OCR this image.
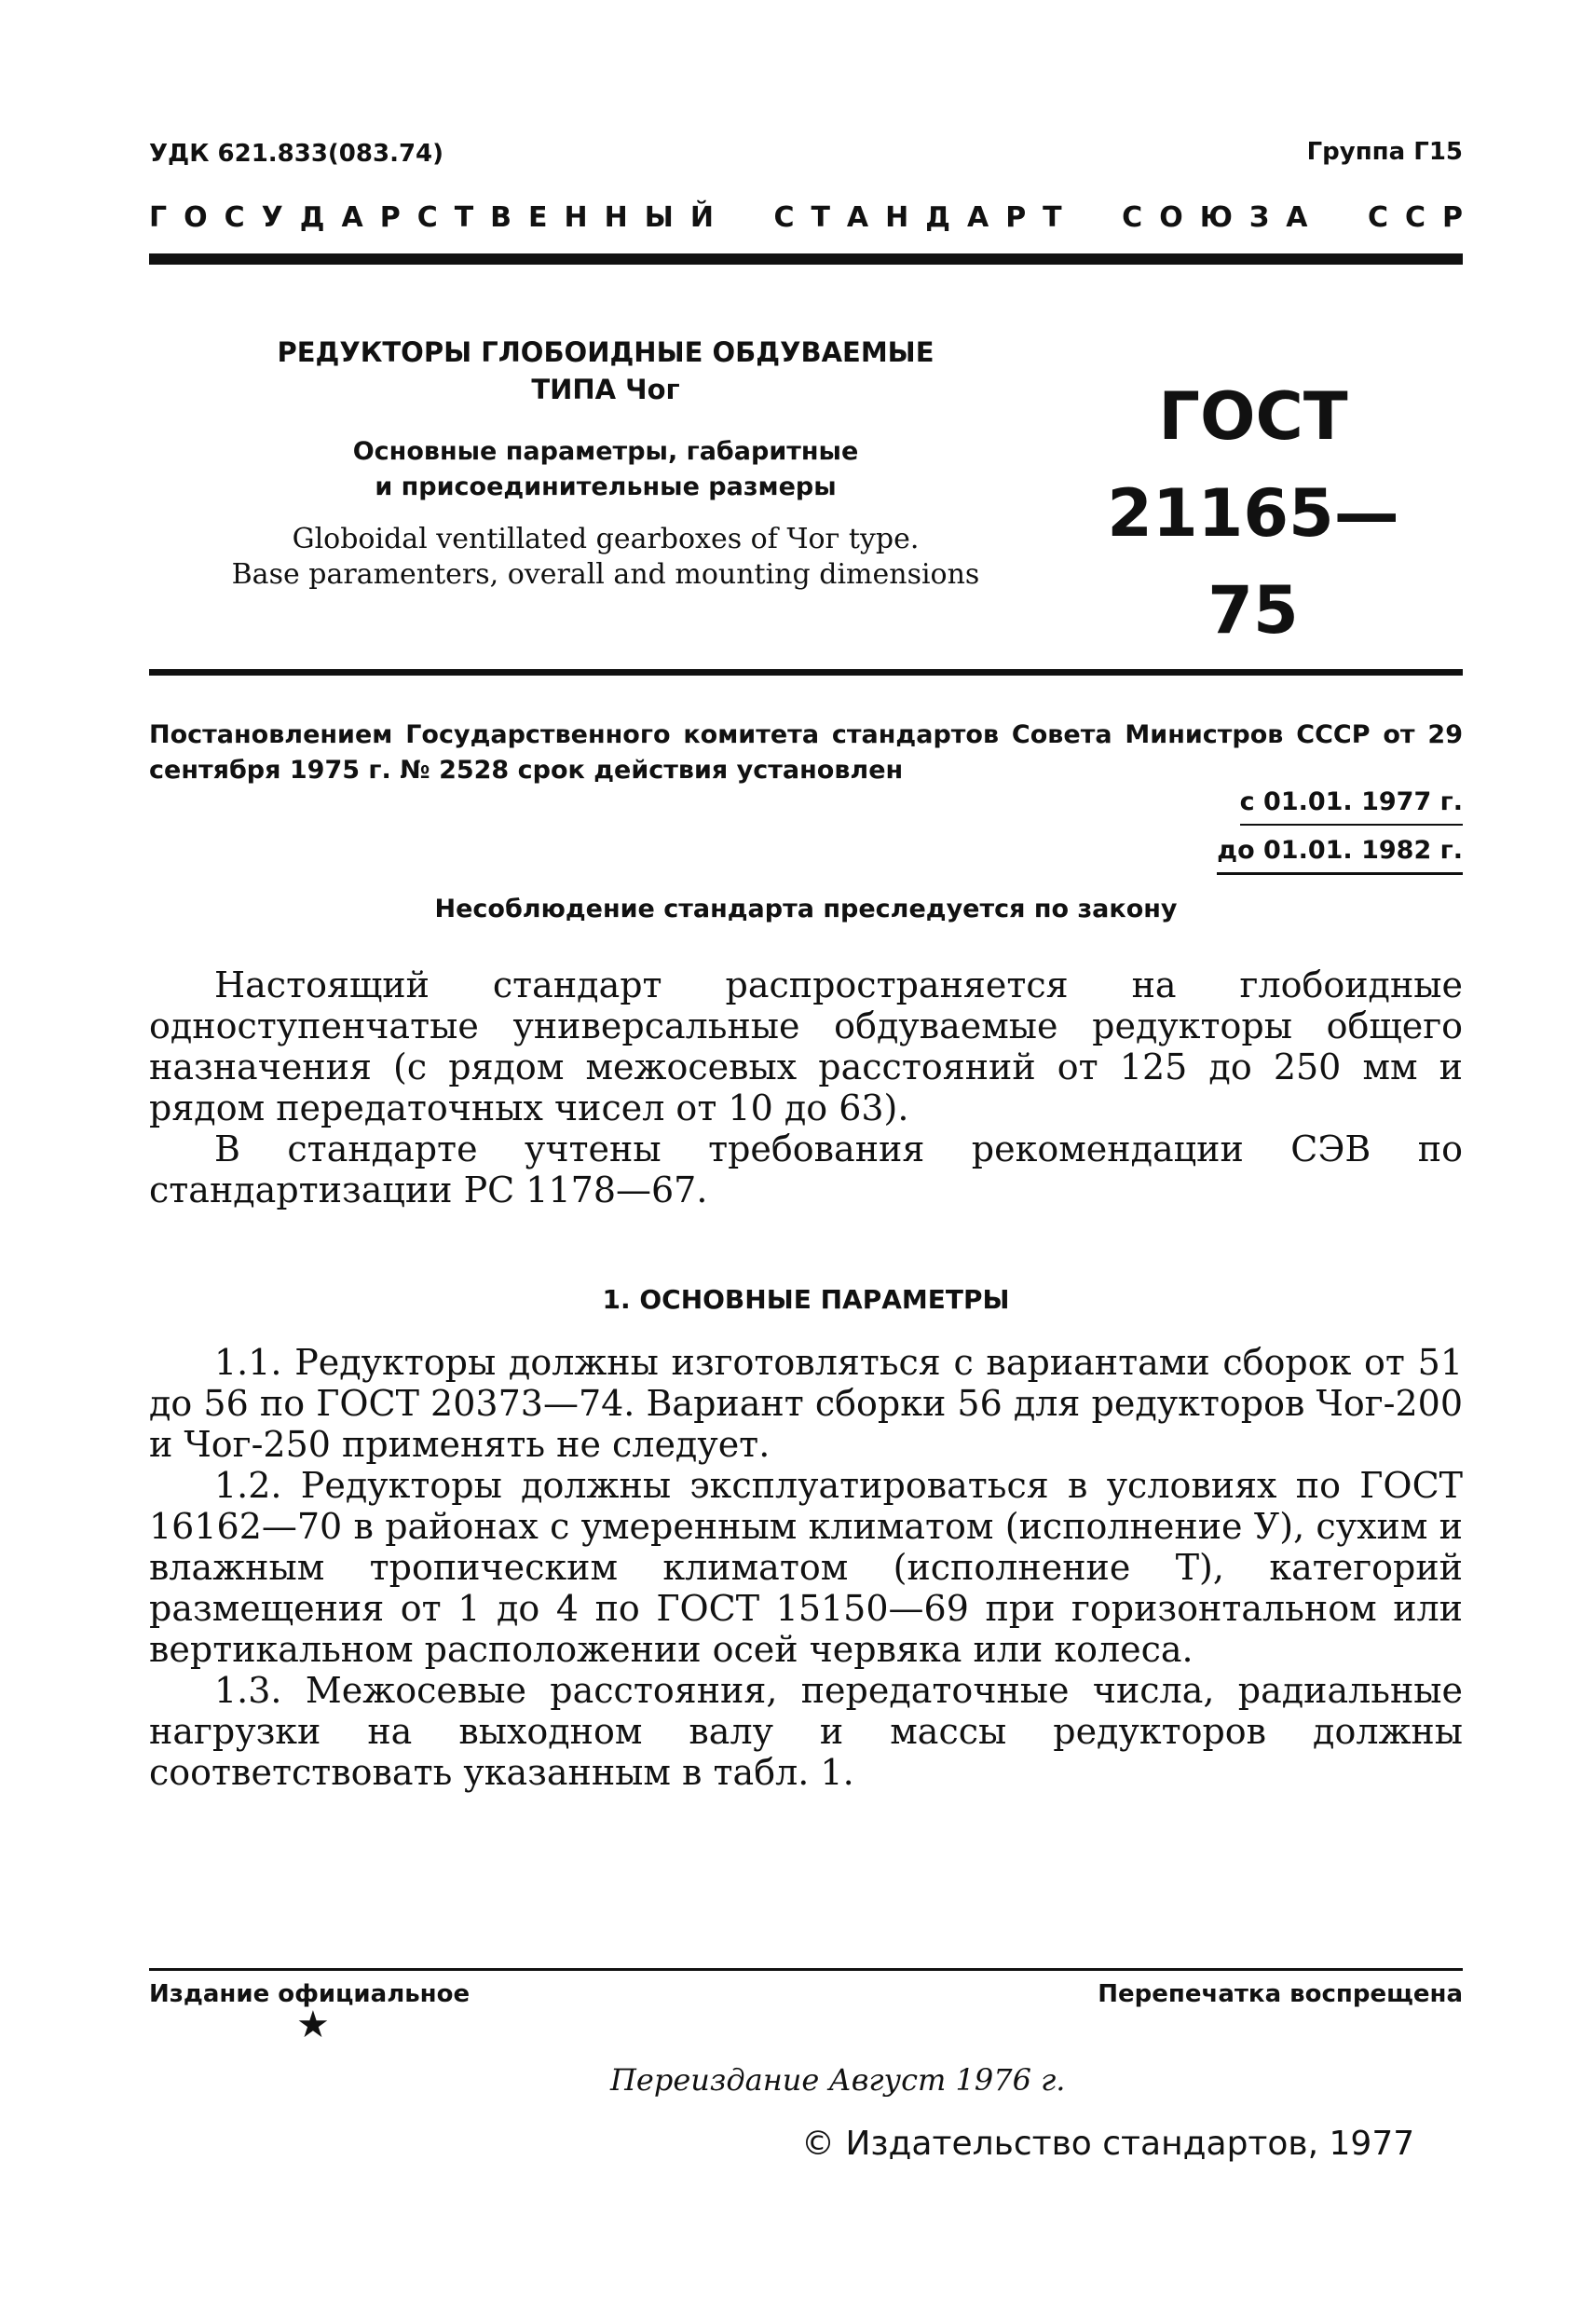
УДК 621.833(083.74)	Группа Г15
ГОСУДАРСТВЕННЫЙ СТАНДАРТ СОЮЗА ССР
РЕДУКТОРЫ ГЛОБОИДНЫЕ ОБДУВАЕМЫЕ
ТИПА Чог
Основные параметры, габаритные
и присоединительные размеры
Globoidal ventillated gearboxes of Чог type.
Base paramenters, overall and mounting dimensions
ГОСТ
21165—75
Постановлением Государственного комитета стандартов Совета Министров СССР от 29 сентября 1975 г. № 2528 срок действия установлен
с 01.01. 1977 г.
до 01.01. 1982 г.
Несоблюдение стандарта преследуется по закону

Настоящий стандарт распространяется на глобоидные одноступенчатые универсальные обдуваемые редукторы общего назначения (с рядом межосевых расстояний от 125 до 250 мм и рядом передаточных чисел от 10 до 63).

В стандарте учтены требования рекомендации СЭВ по стандартизации РС 1178—67.

1. ОСНОВНЫЕ ПАРАМЕТРЫ

1.1. Редукторы должны изготовляться с вариантами сборок от 51 до 56 по ГОСТ 20373—74. Вариант сборки 56 для редукторов Чог-200 и Чог-250 применять не следует.

1.2. Редукторы должны эксплуатироваться в условиях по ГОСТ 16162—70 в районах с умеренным климатом (исполнение У), сухим и влажным тропическим климатом (исполнение Т), категорий размещения от 1 до 4 по ГОСТ 15150—69 при горизонтальном или вертикальном расположении осей червяка или колеса.

1.3. Межосевые расстояния, передаточные числа, радиальные нагрузки на выходном валу и массы редукторов должны соответствовать указанным в табл. 1.

Издание официальное	Перепечатка воспрещена
★
Переиздание Август 1976 г.
© Издательство стандартов, 1977
